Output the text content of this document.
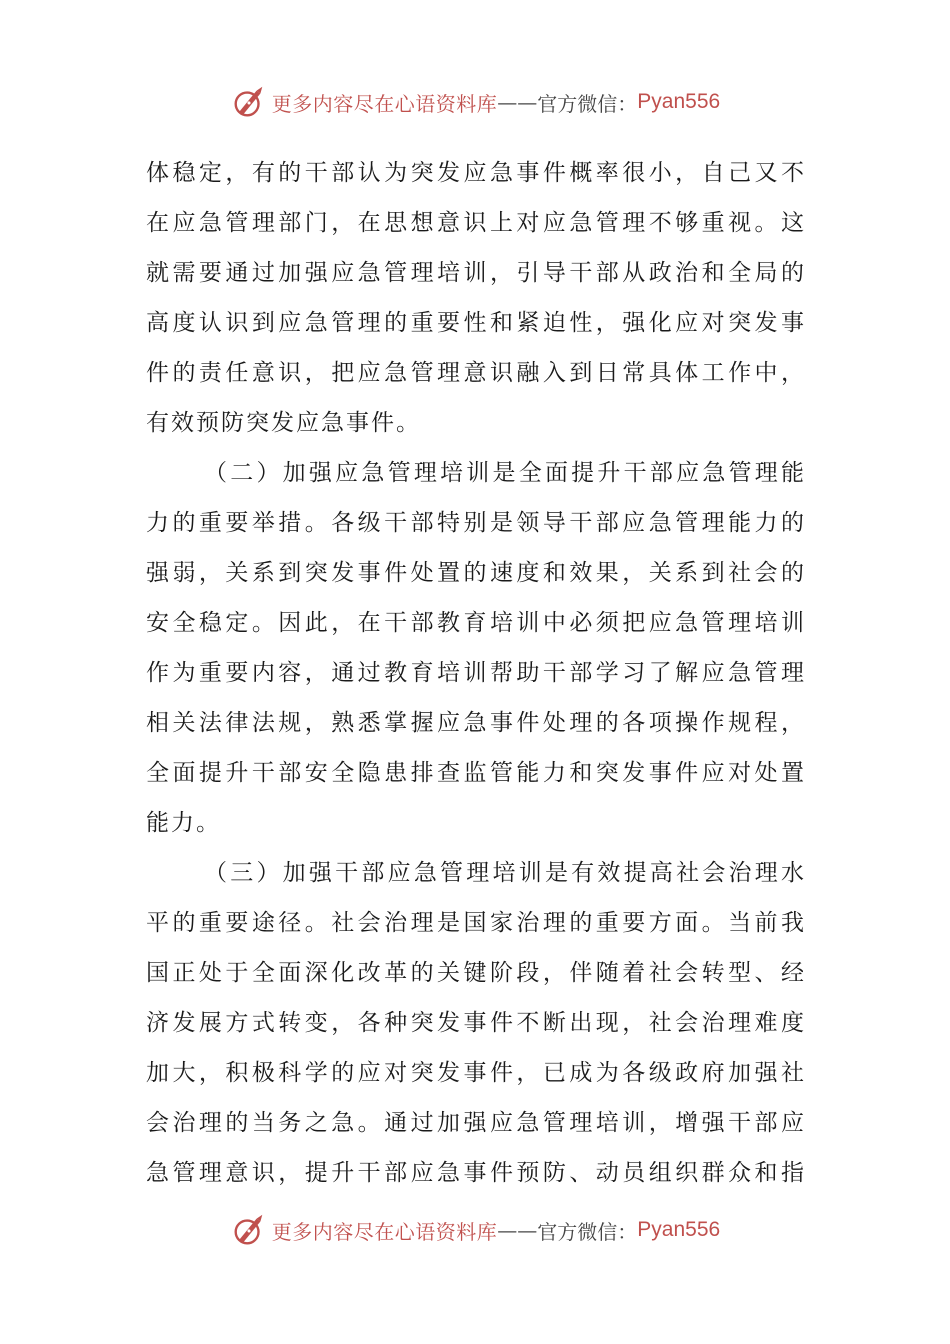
更多内容尽在心语资料库 —— 官方微信： Pyan556
体稳定，有的干部认为突发应急事件概率很小，自己又不
在应急管理部门，在思想意识上对应急管理不够重视。这
就需要通过加强应急管理培训，引导干部从政治和全局的
高度认识到应急管理的重要性和紧迫性，强化应对突发事
件的责任意识，把应急管理意识融入到日常具体工作中，
有效预防突发应急事件。
（二）加强应急管理培训是全面提升干部应急管理能
力的重要举措。各级干部特别是领导干部应急管理能力的
强弱，关系到突发事件处置的速度和效果，关系到社会的
安全稳定。因此，在干部教育培训中必须把应急管理培训
作为重要内容，通过教育培训帮助干部学习了解应急管理
相关法律法规，熟悉掌握应急事件处理的各项操作规程，
全面提升干部安全隐患排查监管能力和突发事件应对处置
能力。
（三）加强干部应急管理培训是有效提高社会治理水
平的重要途径。社会治理是国家治理的重要方面。当前我
国正处于全面深化改革的关键阶段，伴随着社会转型、经
济发展方式转变，各种突发事件不断出现，社会治理难度
加大，积极科学的应对突发事件，已成为各级政府加强社
会治理的当务之急。通过加强应急管理培训，增强干部应
急管理意识，提升干部应急事件预防、动员组织群众和指
更多内容尽在心语资料库 —— 官方微信： Pyan556
